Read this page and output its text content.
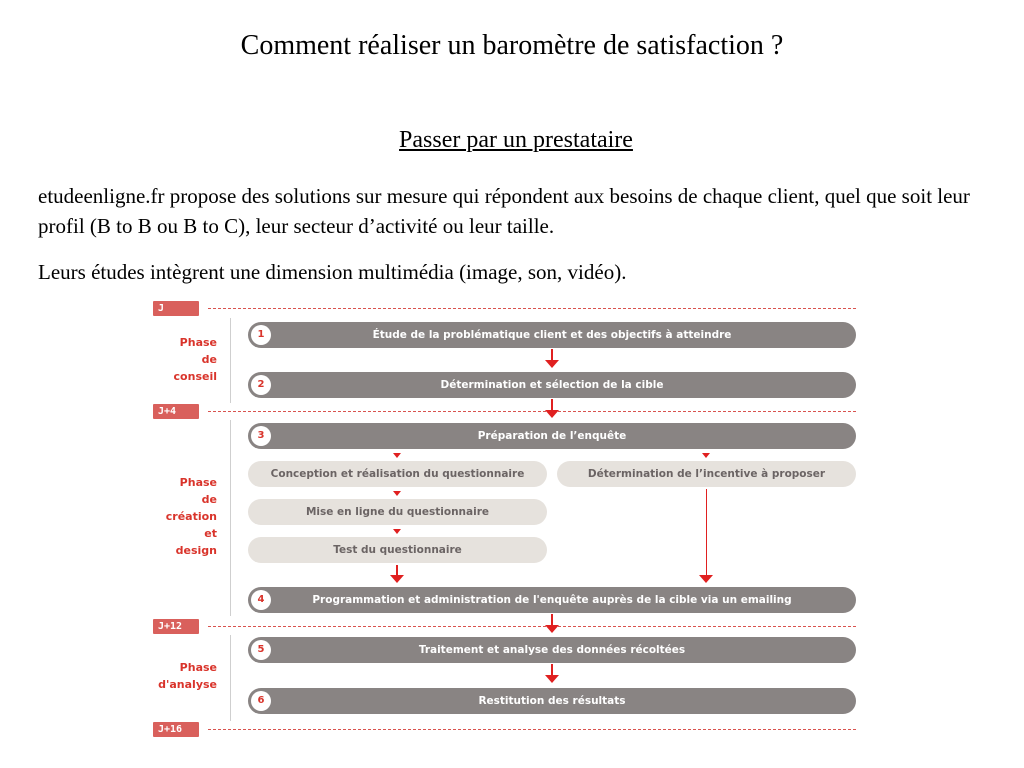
Comment réaliser un baromètre de satisfaction ?
Passer par un prestataire
etudeenligne.fr propose des solutions sur mesure qui répondent aux besoins de chaque client, quel que soit leur profil (B to B ou B to C), leur secteur d’activité ou leur taille.
Leurs études intègrent une dimension multimédia (image, son, vidéo).
J
J+4
J+12
J+16
Phase de conseil
Phase de création et design
Phase d'analyse
1	Étude de la problématique client et des objectifs à atteindre
2	Détermination et sélection de la cible
3	Préparation de l’enquête
4	Programmation et administration de l'enquête auprès de la cible via un emailing
5	Traitement et analyse des données récoltées
6	Restitution des résultats
Conception et réalisation du questionnaire	Détermination de l’incentive à proposer
Mise en ligne du questionnaire
Test du questionnaire
